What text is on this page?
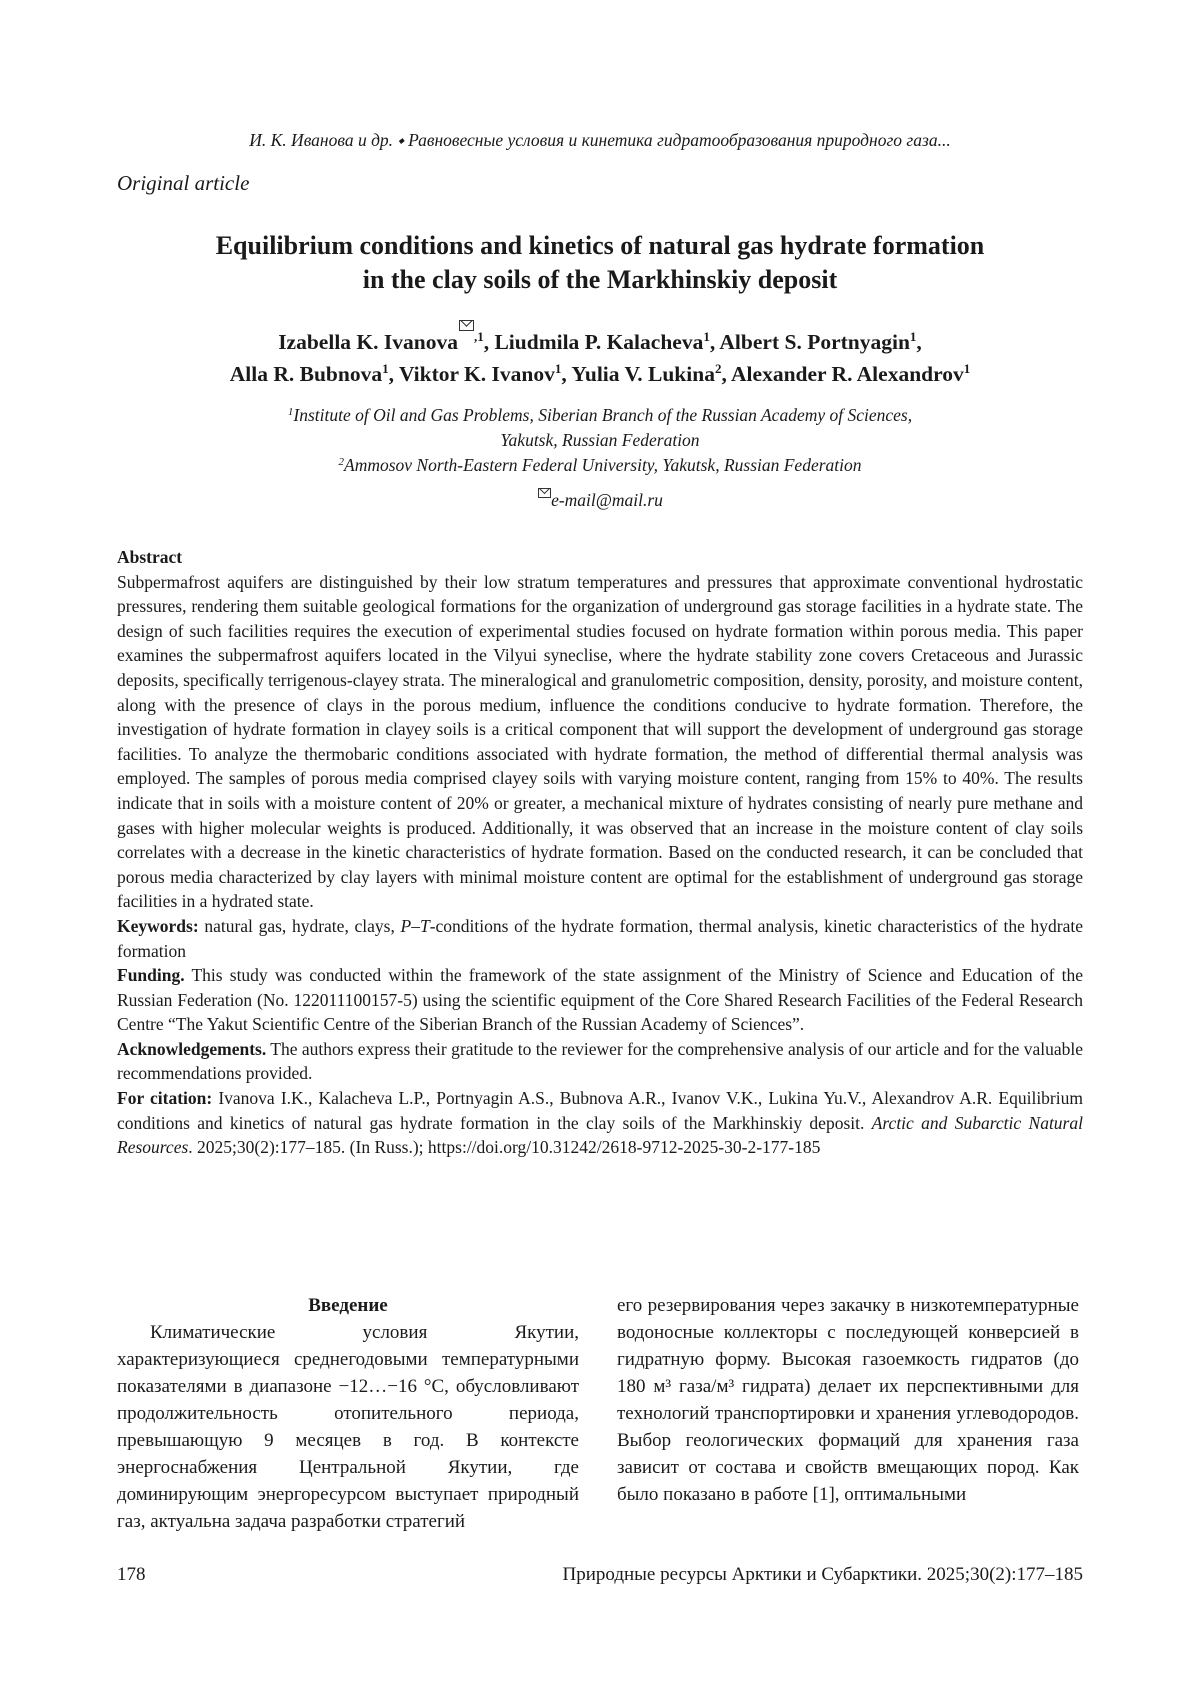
И. К. Иванова и др. ⬩ Равновесные условия и кинетика гидратообразования природного газа...
Original article
Equilibrium conditions and kinetics of natural gas hydrate formation
in the clay soils of the Markhinskiy deposit
Izabella K. Ivanova $^{,1}$, Liudmila P. Kalacheva$^1$, Albert S. Portnyagin$^1$,
Alla R. Bubnova$^1$, Viktor K. Ivanov$^1$, Yulia V. Lukina$^2$, Alexander R. Alexandrov$^1$
$^1$Institute of Oil and Gas Problems, Siberian Branch of the Russian Academy of Sciences,
Yakutsk, Russian Federation
$^2$Ammosov North-Eastern Federal University, Yakutsk, Russian Federation
e-mail@mail.ru

Abstract

Subpermafrost aquifers are distinguished by their low stratum temperatures and pressures that approximate conventional hydrostatic pressures, rendering them suitable geological formations for the organization of underground gas storage facilities in a hydrate state. The design of such facilities requires the execution of experimental studies focused on hydrate formation within porous media. This paper examines the subpermafrost aquifers located in the Vilyui syneclise, where the hydrate stability zone covers Cretaceous and Jurassic deposits, specifically terrigenous-clayey strata. The mineralogical and granulometric composition, density, porosity, and moisture content, along with the presence of clays in the porous medium, influence the conditions conducive to hydrate formation. Therefore, the investigation of hydrate formation in clayey soils is a critical component that will support the development of underground gas storage facilities. To analyze the thermobaric conditions associated with hydrate formation, the method of differential thermal analysis was employed. The samples of porous media comprised clayey soils with varying moisture content, ranging from 15% to 40%. The results indicate that in soils with a moisture content of 20% or greater, a mechanical mixture of hydrates consisting of nearly pure methane and gases with higher molecular weights is produced. Additionally, it was observed that an increase in the moisture content of clay soils correlates with a decrease in the kinetic characteristics of hydrate formation. Based on the conducted research, it can be concluded that porous media characterized by clay layers with minimal moisture content are optimal for the establishment of underground gas storage facilities in a hydrated state.

Keywords: natural gas, hydrate, clays, P–T-conditions of the hydrate formation, thermal analysis, kinetic characteristics of the hydrate formation

Funding. This study was conducted within the framework of the state assignment of the Ministry of Science and Education of the Russian Federation (No. 122011100157-5) using the scientific equipment of the Core Shared Research Facilities of the Federal Research Centre “The Yakut Scientific Centre of the Siberian Branch of the Russian Academy of Sciences”.

Acknowledgements. The authors express their gratitude to the reviewer for the comprehensive analysis of our article and for the valuable recommendations provided.

For citation: Ivanova I.K., Kalacheva L.P., Portnyagin A.S., Bubnova A.R., Ivanov V.K., Lukina Yu.V., Alexandrov A.R. Equilibrium conditions and kinetics of natural gas hydrate formation in the clay soils of the Markhinskiy deposit. Arctic and Subarctic Natural Resources. 2025;30(2):177–185. (In Russ.); https://doi.org/10.31242/2618-9712-2025-30-2-177-185

Введение

Климатические условия Якутии, характеризующиеся среднегодовыми температурными показателями в диапазоне −12…−16 °С, обусловливают продолжительность отопительного периода, превышающую 9 месяцев в год. В контексте энергоснабжения Центральной Якутии, где доминирующим энергоресурсом выступает природный газ, актуальна задача разработки стратегий

его резервирования через закачку в низкотемпературные водоносные коллекторы с последующей конверсией в гидратную форму. Высокая газоемкость гидратов (до 180 м³ газа/м³ гидрата) делает их перспективными для технологий транспортировки и хранения углеводородов. Выбор геологических формаций для хранения газа зависит от состава и свойств вмещающих пород. Как было показано в работе [1], оптимальными

178	Природные ресурсы Арктики и Субарктики. 2025;30(2):177–185
